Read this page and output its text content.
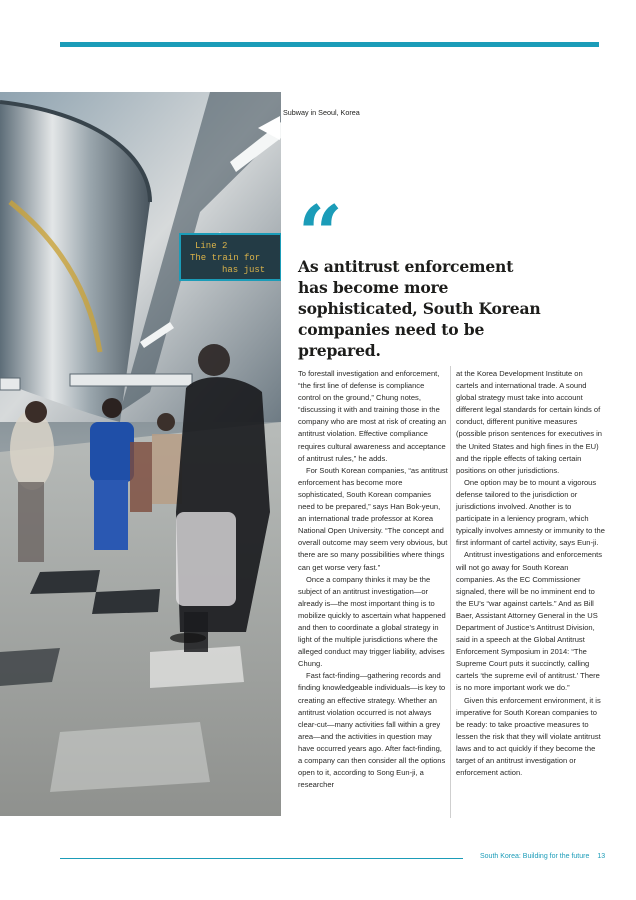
Line 2
The train for
has just
Subway in Seoul, Korea
“
As antitrust enforcement has become more sophisticated, South Korean companies need to be prepared.

To forestall investigation and enforcement, “the first line of defense is compliance control on the ground,” Chung notes, “discussing it with and training those in the company who are most at risk of creating an antitrust violation. Effective compliance requires cultural awareness and acceptance of antitrust rules,” he adds.

For South Korean companies, “as antitrust enforcement has become more sophisticated, South Korean companies need to be prepared,” says Han Bok-yeun, an international trade professor at Korea National Open University. “The concept and overall outcome may seem very obvious, but there are so many possibilities where things can get worse very fast.”

Once a company thinks it may be the subject of an antitrust investigation—or already is—the most important thing is to mobilize quickly to ascertain what happened and then to coordinate a global strategy in light of the multiple jurisdictions where the alleged conduct may trigger liability, advises Chung.

Fast fact-finding—gathering records and finding knowledgeable individuals—is key to creating an effective strategy. Whether an antitrust violation occurred is not always clear-cut—many activities fall within a grey area—and the activities in question may have occurred years ago. After fact-finding, a company can then consider all the options open to it, according to Song Eun-ji, a researcher

at the Korea Development Institute on cartels and international trade. A sound global strategy must take into account different legal standards for certain kinds of conduct, different punitive measures (possible prison sentences for executives in the United States and high fines in the EU) and the ripple effects of taking certain positions on other jurisdictions.

One option may be to mount a vigorous defense tailored to the jurisdiction or jurisdictions involved. Another is to participate in a leniency program, which typically involves amnesty or immunity to the first informant of cartel activity, says Eun-ji.

Antitrust investigations and enforcements will not go away for South Korean companies. As the EC Commissioner signaled, there will be no imminent end to the EU’s “war against cartels.” And as Bill Baer, Assistant Attorney General in the US Department of Justice’s Antitrust Division, said in a speech at the Global Antitrust Enforcement Symposium in 2014: “The Supreme Court puts it succinctly, calling cartels ‘the supreme evil of antitrust.’ There is no more important work we do.”

Given this enforcement environment, it is imperative for South Korean companies to be ready: to take proactive measures to lessen the risk that they will violate antitrust laws and to act quickly if they become the target of an antitrust investigation or enforcement action.

South Korea: Building for the future 13
